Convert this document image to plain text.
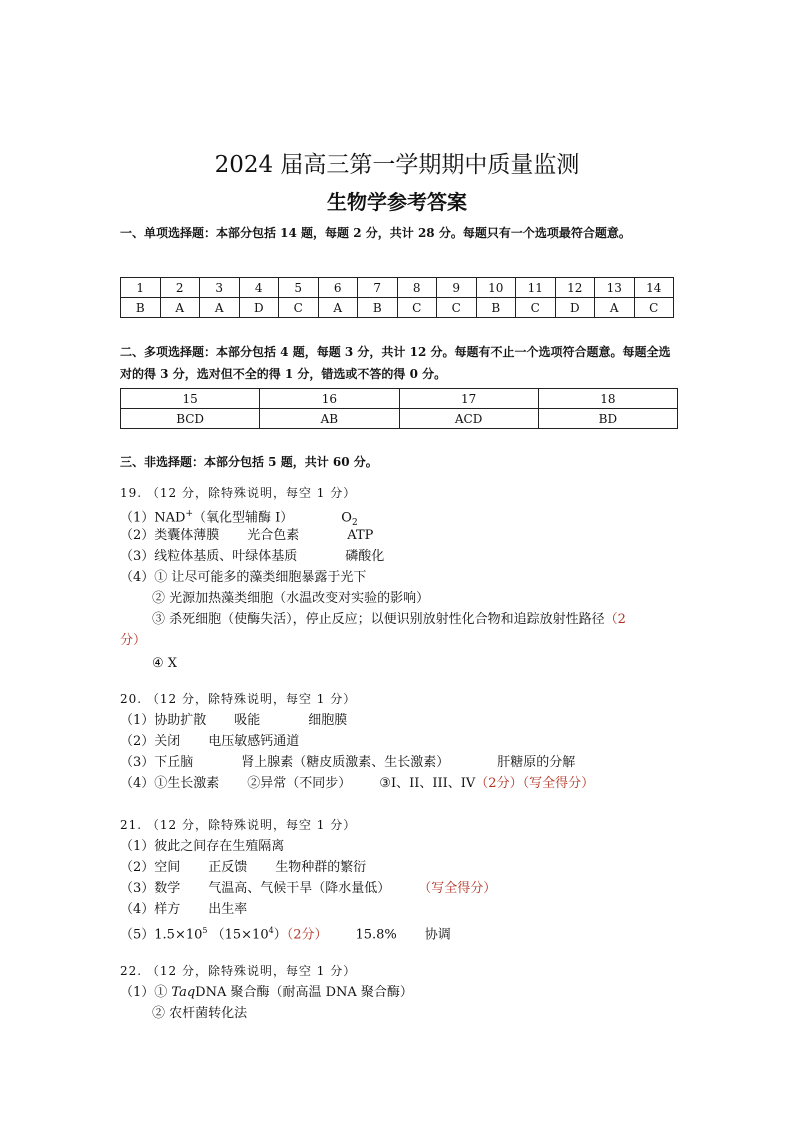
2024 届高三第一学期期中质量监测
生物学参考答案
一、单项选择题：本部分包括 14 题，每题 2 分，共计 28 分。每题只有一个选项最符合题意。
1	2	3	4	5	6	7	8	9	10	11	12	13	14
B	A	A	D	C	A	B	C	C	B	C	D	A	C
二、多项选择题：本部分包括 4 题，每题 3 分，共计 12 分。每题有不止一个选项符合题意。每题全选对的得 3 分，选对但不全的得 1 分，错选或不答的得 0 分。
15	16	17	18
BCD	AB	ACD	BD
三、非选择题：本部分包括 5 题，共计 60 分。
19. （12 分，除特殊说明，每空 1 分）
（1）NAD+（氧化型辅酶 I）	$O_2$
（2）类囊体薄膜 光合色素	ATP
（3）线粒体基质、叶绿体基质	磷酸化
（4）① 让尽可能多的藻类细胞暴露于光下
② 光源加热藻类细胞（水温改变对实验的影响）
③ 杀死细胞（使酶失活），停止反应；以便识别放射性化合物和追踪放射性路径（2
分）
④ X
20. （12 分，除特殊说明，每空 1 分）
（1）协助扩散 吸能	细胞膜
（2）关闭 电压敏感钙通道
（3）下丘脑	肾上腺素（糖皮质激素、生长激素）	肝糖原的分解
（4）①生长激素 ②异常（不同步） ③I、II、III、IV（2分）（写全得分）
21. （12 分，除特殊说明，每空 1 分）
（1）彼此之间存在生殖隔离
（2）空间 正反馈 生物种群的繁衍
（3）数学 气温高、气候干旱（降水量低） （写全得分）
（4）样方 出生率
$(5)1.5\times 10^5$ $(15\times 10^4)(2$分） 15.8% 协调
22. （12 分，除特殊说明，每空 1 分）
（1）① TaqDNA 聚合酶（耐高温 DNA 聚合酶）
② 农杆菌转化法
